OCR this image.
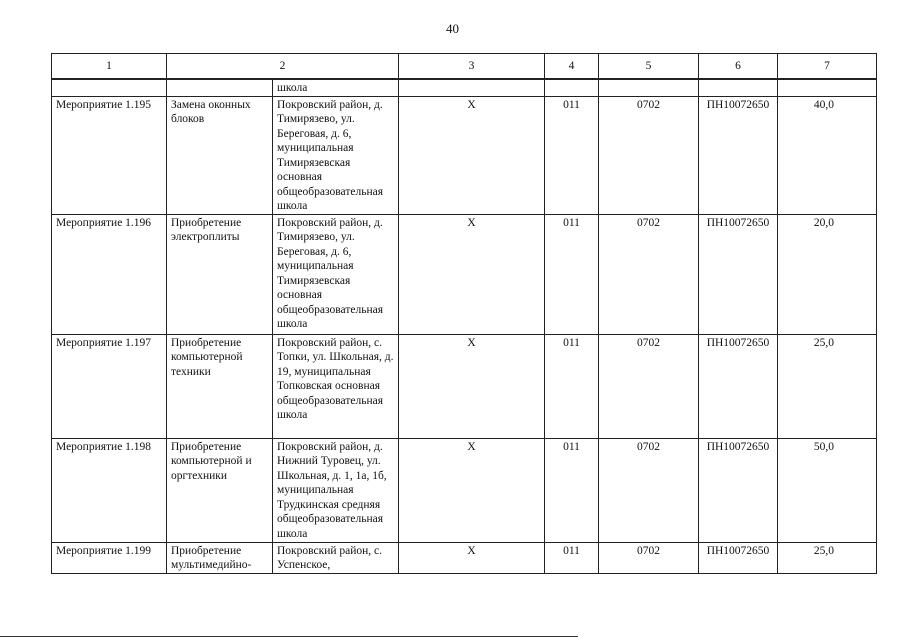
40
1	2		3	4	5	6	7
		школа					
Мероприятие 1.195	Замена оконных блоков	Покровский район, д. Тимирязево, ул. Береговая, д. 6, муниципальная Тимирязевская основная общеобразовательная школа	Х	011	0702	ПН10072650	40,0
Мероприятие 1.196	Приобретение электроплиты	Покровский район, д. Тимирязево, ул. Береговая, д. 6, муниципальная Тимирязевская основная общеобразовательная школа	Х	011	0702	ПН10072650	20,0
Мероприятие 1.197	Приобретение компьютерной техники	Покровский район, с. Топки, ул. Школьная, д. 19, муниципальная Топковская основная общеобразовательная школа	Х	011	0702	ПН10072650	25,0
Мероприятие 1.198	Приобретение компьютерной и оргтехники	Покровский район, д. Нижний Туровец, ул. Школьная, д. 1, 1а, 1б, муниципальная Трудкинская средняя общеобразовательная школа	Х	011	0702	ПН10072650	50,0
Мероприятие 1.199	Приобретение мультимедийно-	Покровский район, с. Успенское,	Х	011	0702	ПН10072650	25,0
